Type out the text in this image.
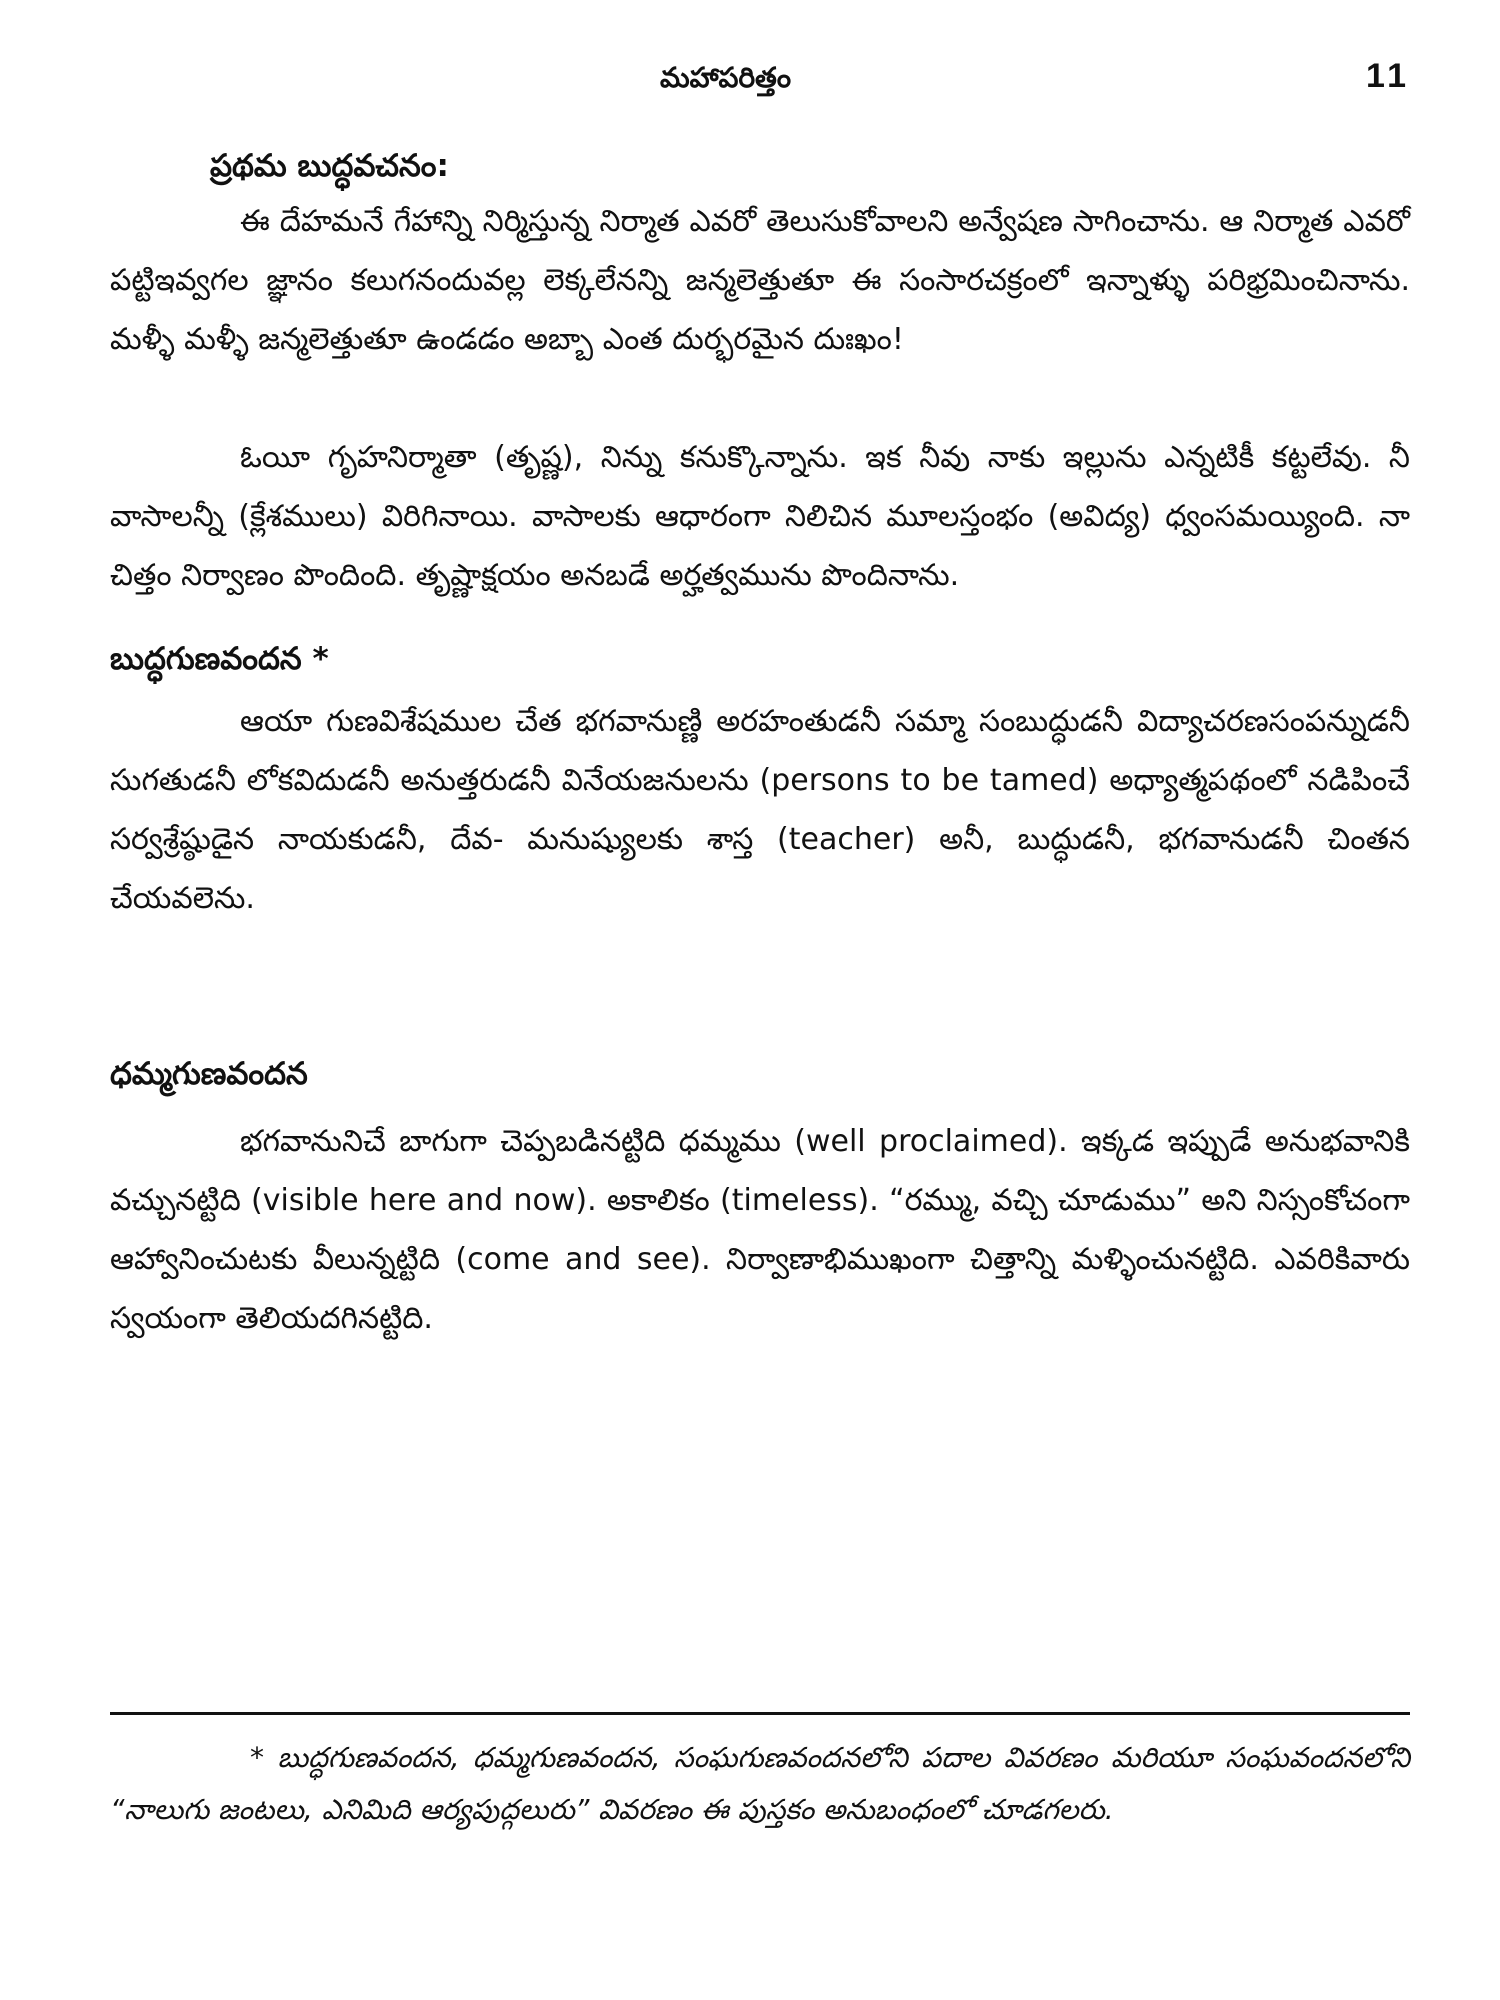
మహాపరిత్తం	11
ప్రథమ బుద్ధవచనం:

ఈ దేహమనే గేహాన్ని నిర్మిస్తున్న నిర్మాత ఎవరో తెలుసుకోవాలని అన్వేషణ సాగించాను. ఆ నిర్మాత ఎవరో పట్టిఇవ్వగల జ్ఞానం కలుగనందువల్ల లెక్కలేనన్ని జన్మలెత్తుతూ ఈ సంసారచక్రంలో ఇన్నాళ్ళు పరిభ్రమించినాను. మళ్ళీ మళ్ళీ జన్మలెత్తుతూ ఉండడం అబ్బా ఎంత దుర్భరమైన దుఃఖం!

ఓయీ గృహనిర్మాతా (తృష్ణ), నిన్ను కనుక్కొన్నాను. ఇక నీవు నాకు ఇల్లును ఎన్నటికీ కట్టలేవు. నీ వాసాలన్నీ (క్లేశములు) విరిగినాయి. వాసాలకు ఆధారంగా నిలిచిన మూలస్తంభం (అవిద్య) ధ్వంసమయ్యింది. నా చిత్తం నిర్వాణం పొందింది. తృష్ణాక్షయం అనబడే అర్హత్వమును పొందినాను.

బుద్ధగుణవందన *

ఆయా గుణవిశేషముల చేత భగవానుణ్ణి అరహంతుడనీ సమ్మా సంబుద్ధుడనీ విద్యాచరణసంపన్నుడనీ సుగతుడనీ లోకవిదుడనీ అనుత్తరుడనీ వినేయజనులను (persons to be tamed) అధ్యాత్మపథంలో నడిపించే సర్వశ్రేష్ఠుడైన నాయకుడనీ, దేవ- మనుష్యులకు శాస్త (teacher) అనీ, బుద్ధుడనీ, భగవానుడనీ చింతన చేయవలెను.

ధమ్మగుణవందన

భగవానునిచే బాగుగా చెప్పబడినట్టిది ధమ్మము (well proclaimed). ఇక్కడ ఇప్పుడే అనుభవానికి వచ్చునట్టిది (visible here and now). అకాలికం (timeless). “రమ్ము, వచ్చి చూడుము” అని నిస్సంకోచంగా ఆహ్వానించుటకు వీలున్నట్టిది (come and see). నిర్వాణాభిముఖంగా చిత్తాన్ని మళ్ళించునట్టిది. ఎవరికివారు స్వయంగా తెలియదగినట్టిది.

* బుద్ధగుణవందన, ధమ్మగుణవందన, సంఘగుణవందనలోని పదాల వివరణం మరియూ సంఘవందనలోని “నాలుగు జంటలు, ఎనిమిది ఆర్యపుద్గలురు” వివరణం ఈ పుస్తకం అనుబంధంలో చూడగలరు.
